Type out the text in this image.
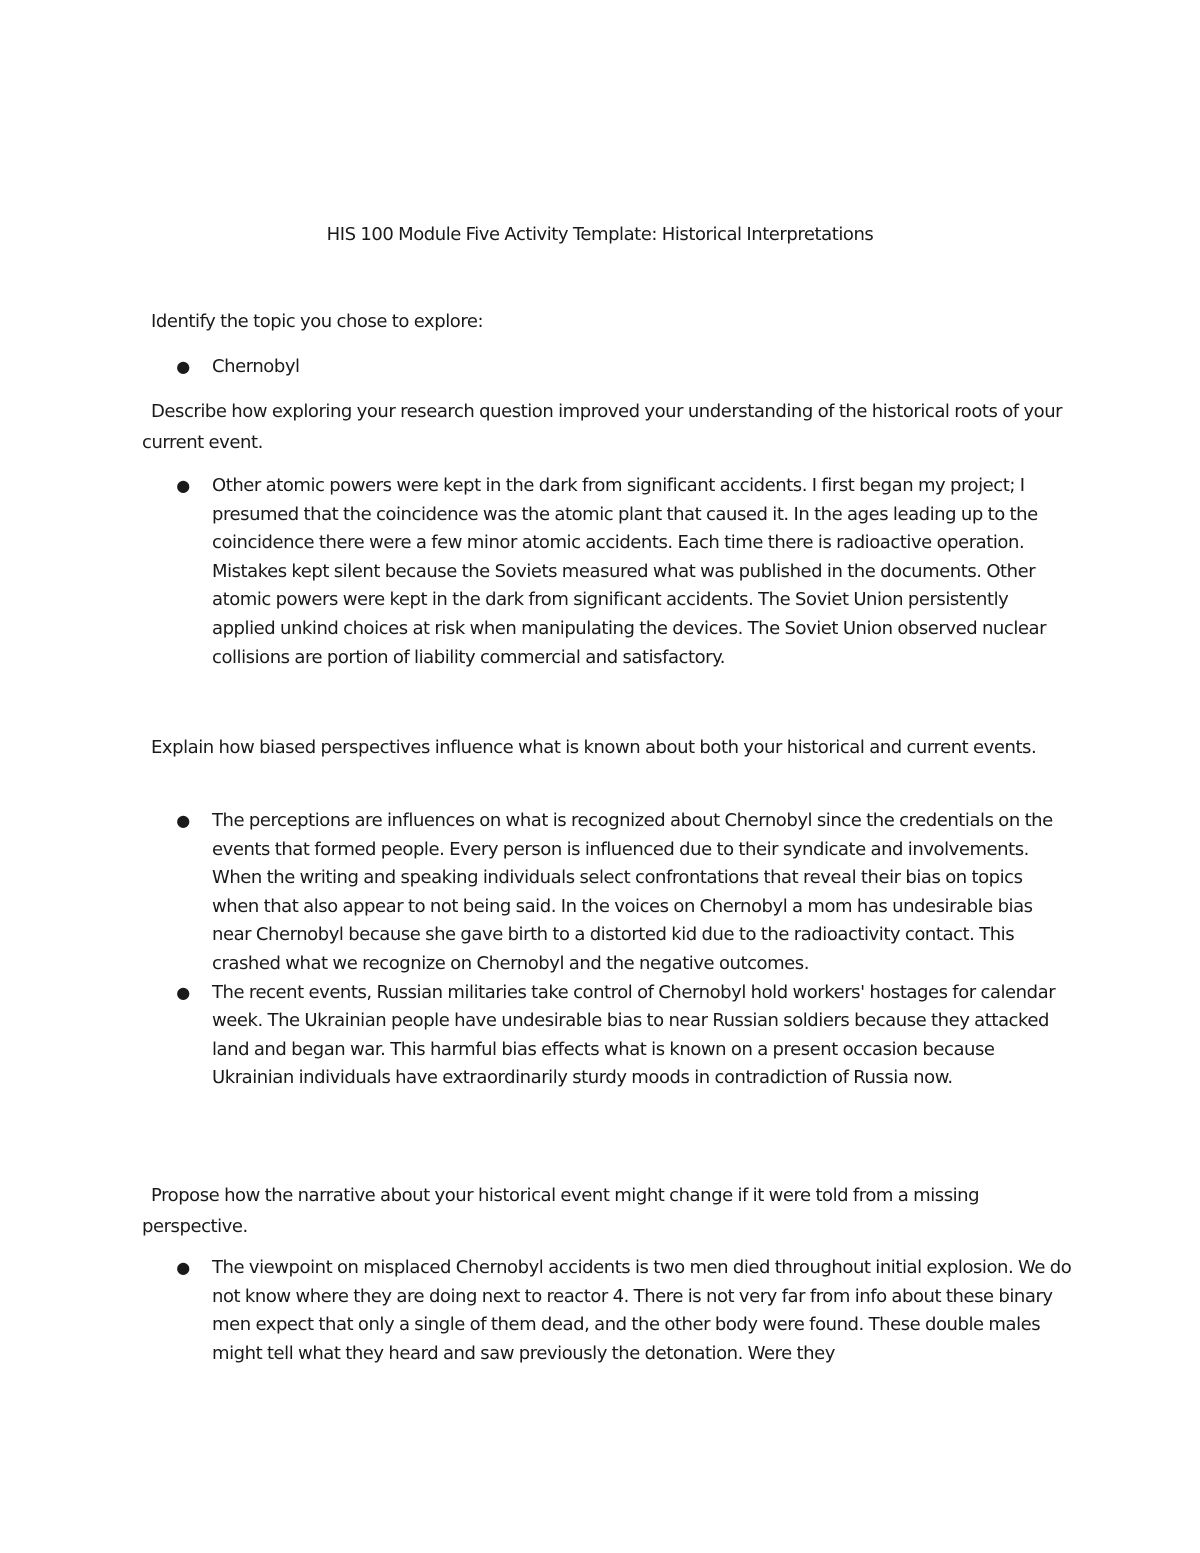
HIS 100 Module Five Activity Template: Historical Interpretations

Identify the topic you chose to explore:

● Chernobyl

Describe how exploring your research question improved your understanding of the historical roots of your current event.

● Other atomic powers were kept in the dark from significant accidents. I first began my project; I presumed that the coincidence was the atomic plant that caused it. In the ages leading up to the coincidence there were a few minor atomic accidents. Each time there is radioactive operation. Mistakes kept silent because the Soviets measured what was published in the documents. Other atomic powers were kept in the dark from significant accidents. The Soviet Union persistently applied unkind choices at risk when manipulating the devices. The Soviet Union observed nuclear collisions are portion of liability commercial and satisfactory.

Explain how biased perspectives influence what is known about both your historical and current events.

● The perceptions are influences on what is recognized about Chernobyl since the credentials on the events that formed people. Every person is influenced due to their syndicate and involvements. When the writing and speaking individuals select confrontations that reveal their bias on topics when that also appear to not being said. In the voices on Chernobyl a mom has undesirable bias near Chernobyl because she gave birth to a distorted kid due to the radioactivity contact. This crashed what we recognize on Chernobyl and the negative outcomes.
● The recent events, Russian militaries take control of Chernobyl hold workers' hostages for calendar week. The Ukrainian people have undesirable bias to near Russian soldiers because they attacked land and began war. This harmful bias effects what is known on a present occasion because Ukrainian individuals have extraordinarily sturdy moods in contradiction of Russia now.

Propose how the narrative about your historical event might change if it were told from a missing perspective.

● The viewpoint on misplaced Chernobyl accidents is two men died throughout initial explosion. We do not know where they are doing next to reactor 4. There is not very far from info about these binary men expect that only a single of them dead, and the other body were found. These double males might tell what they heard and saw previously the detonation. Were they
